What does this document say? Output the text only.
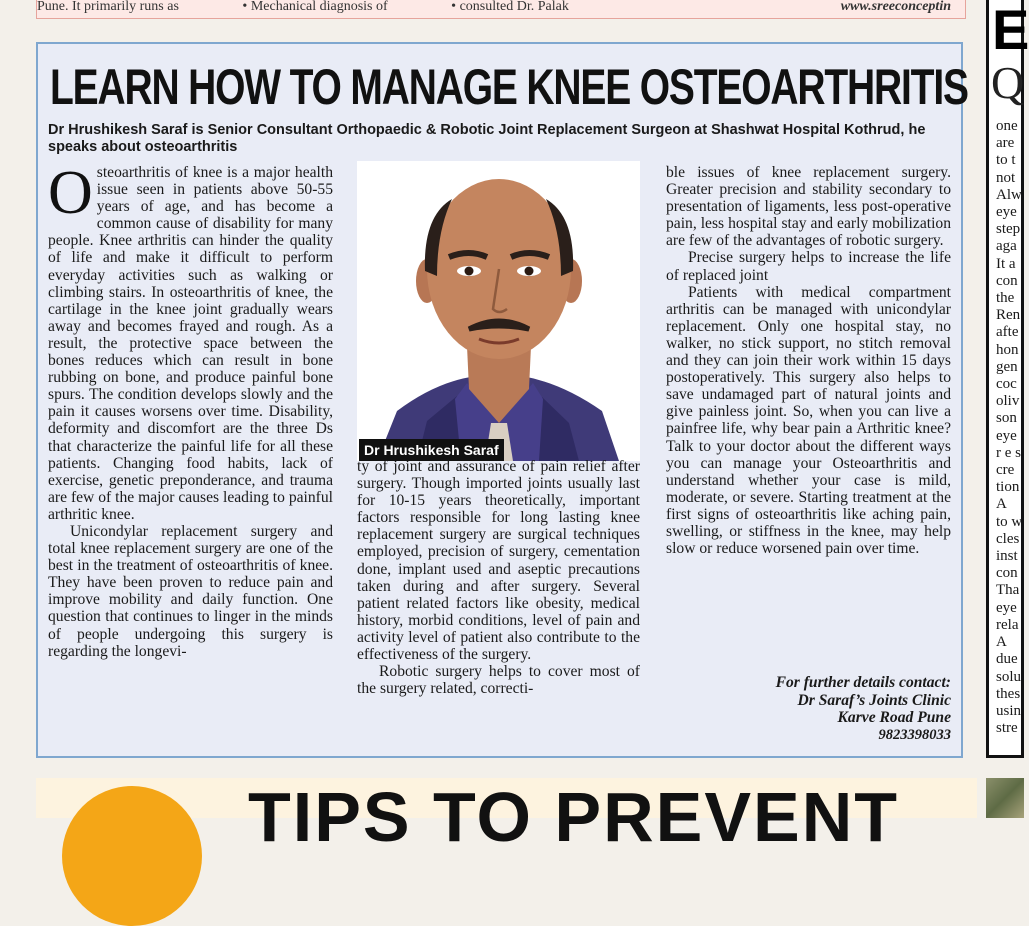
Pune. It primarily runs as	• Mechanical diagnosis of	• consulted Dr. Palak	www.sreeconceptin E
Q
one
are
to t
not
Alw
eye
step
aga
It a
con
the
Ren
afte
hon
gen
coc
oliv
son
eye
r e s
cre
tion
A
to w
cles
inst
con
Tha
eye
rela
A
due
solu
thes
usin
stre
LEARN HOW TO MANAGE KNEE OSTEOARTHRITIS

Dr Hrushikesh Saraf is Senior Consultant Orthopaedic & Robotic Joint Replacement Surgeon at Shashwat Hospital Kothrud, he speaks about osteoarthritis

Osteoarthritis of knee is a major health issue seen in patients above 50-55 years of age, and has become a common cause of disability for many people. Knee arthritis can hinder the quality of life and make it difficult to perform everyday activities such as walking or climbing stairs. In osteoarthritis of knee, the cartilage in the knee joint gradually wears away and becomes frayed and rough. As a result, the protective space between the bones reduces which can result in bone rubbing on bone, and produce painful bone spurs. The condition develops slowly and the pain it causes worsens over time. Disability, deformity and discomfort are the three Ds that characterize the painful life for all these patients. Changing food habits, lack of exercise, genetic preponderance, and trauma are few of the major causes leading to painful arthritic knee.

Unicondylar replacement surgery and total knee replacement surgery are one of the best in the treatment of osteoarthritis of knee. They have been proven to reduce pain and improve mobility and daily function. One question that continues to linger in the minds of people undergoing this surgery is regarding the longevi-

Dr Hrushikesh Saraf

ty of joint and assurance of pain relief after surgery. Though imported joints usually last for 10-15 years theoretically, important factors responsible for long lasting knee replacement surgery are surgical techniques employed, precision of surgery, cementation done, implant used and aseptic precautions taken during and after surgery. Several patient related factors like obesity, medical history, morbid conditions, level of pain and activity level of patient also contribute to the effectiveness of the surgery.

Robotic surgery helps to cover most of the surgery related, correcti-

ble issues of knee replacement surgery. Greater precision and stability secondary to presentation of ligaments, less post-operative pain, less hospital stay and early mobilization are few of the advantages of robotic surgery.

Precise surgery helps to increase the life of replaced joint

Patients with medical compartment arthritis can be managed with unicondylar replacement. Only one hospital stay, no walker, no stick support, no stitch removal and they can join their work within 15 days postoperatively. This surgery also helps to save undamaged part of natural joints and give painless joint. So, when you can live a painfree life, why bear pain a Arthritic knee? Talk to your doctor about the different ways you can manage your Osteoarthritis and understand whether your case is mild, moderate, or severe. Starting treatment at the first signs of osteoarthritis like aching pain, swelling, or stiffness in the knee, may help slow or reduce worsened pain over time.

For further details contact:
Dr Saraf’s Joints Clinic
Karve Road Pune
9823398033
TIPS TO PREVENT
